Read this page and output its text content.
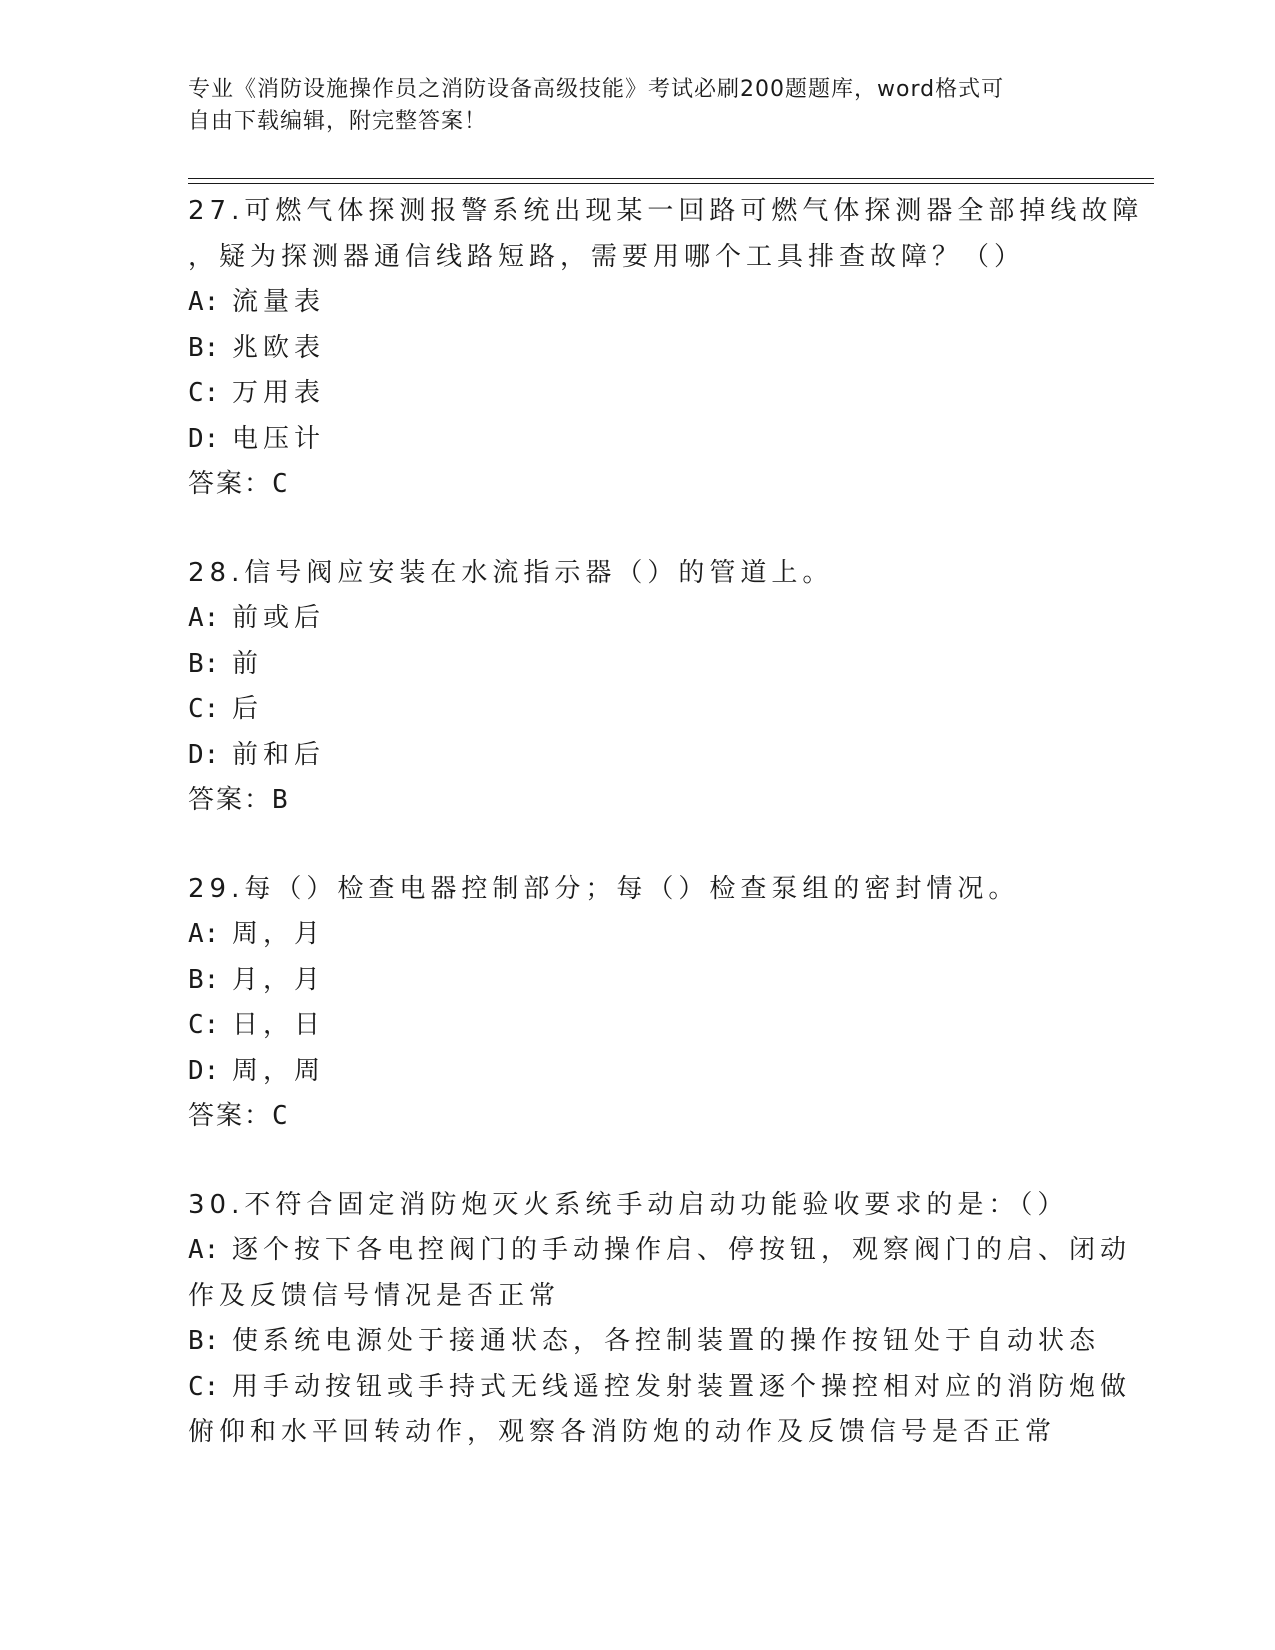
专业《消防设施操作员之消防设备高级技能》考试必刷200题题库，word格式可
自由下载编辑，附完整答案！
27.可燃气体探测报警系统出现某一回路可燃气体探测器全部掉线故障
，疑为探测器通信线路短路，需要用哪个工具排查故障？（）
A: 流量表
B: 兆欧表
C: 万用表
D: 电压计
答案：C
28.信号阀应安装在水流指示器（）的管道上。
A: 前或后
B: 前
C: 后
D: 前和后
答案：B
29.每（）检查电器控制部分；每（）检查泵组的密封情况。
A: 周，月
B: 月，月
C: 日，日
D: 周，周
答案：C
30.不符合固定消防炮灭火系统手动启动功能验收要求的是：（）
A: 逐个按下各电控阀门的手动操作启、停按钮，观察阀门的启、闭动
作及反馈信号情况是否正常
B: 使系统电源处于接通状态，各控制装置的操作按钮处于自动状态
C: 用手动按钮或手持式无线遥控发射装置逐个操控相对应的消防炮做
俯仰和水平回转动作，观察各消防炮的动作及反馈信号是否正常
